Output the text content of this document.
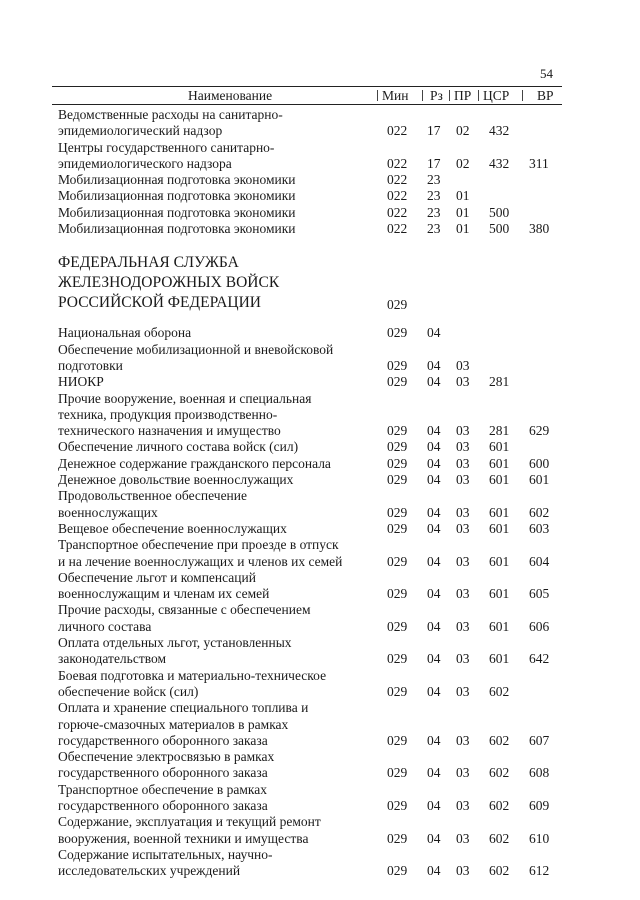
54
Наименование	Мин Рз ПР ЦСР ВР
Ведомственные расходы на санитарно-
эпидемиологический надзор	022 17 02 432
Центры государственного санитарно-
эпидемиологического надзора	022 17 02 432 311
Мобилизационная подготовка экономики	022 23
Мобилизационная подготовка экономики	022 23 01
Мобилизационная подготовка экономики	022 23 01 500
Мобилизационная подготовка экономики	022 23 01 500 380
ФЕДЕРАЛЬНАЯ СЛУЖБА
ЖЕЛЕЗНОДОРОЖНЫХ ВОЙСК
РОССИЙСКОЙ ФЕДЕРАЦИИ	029
Национальная оборона	029 04
Обеспечение мобилизационной и вневойсковой
подготовки	029 04 03
НИОКР	029 04 03 281
Прочие вооружение, военная и специальная
техника, продукция производственно-
технического назначения и имущество	029 04 03 281 629
Обеспечение личного состава войск (сил)	029 04 03 601
Денежное содержание гражданского персонала	029 04 03 601 600
Денежное довольствие военнослужащих	029 04 03 601 601
Продовольственное обеспечение
военнослужащих	029 04 03 601 602
Вещевое обеспечение военнослужащих	029 04 03 601 603
Транспортное обеспечение при проезде в отпуск
и на лечение военнослужащих и членов их семей	029 04 03 601 604
Обеспечение льгот и компенсаций
военнослужащим и членам их семей	029 04 03 601 605
Прочие расходы, связанные с обеспечением
личного состава	029 04 03 601 606
Оплата отдельных льгот, установленных
законодательством	029 04 03 601 642
Боевая подготовка и материально-техническое
обеспечение войск (сил)	029 04 03 602
Оплата и хранение специального топлива и
горюче-смазочных материалов в рамках
государственного оборонного заказа	029 04 03 602 607
Обеспечение электросвязью в рамках
государственного оборонного заказа	029 04 03 602 608
Транспортное обеспечение в рамках
государственного оборонного заказа	029 04 03 602 609
Содержание, эксплуатация и текущий ремонт
вооружения, военной техники и имущества	029 04 03 602 610
Содержание испытательных, научно-
исследовательских учреждений	029 04 03 602 612
